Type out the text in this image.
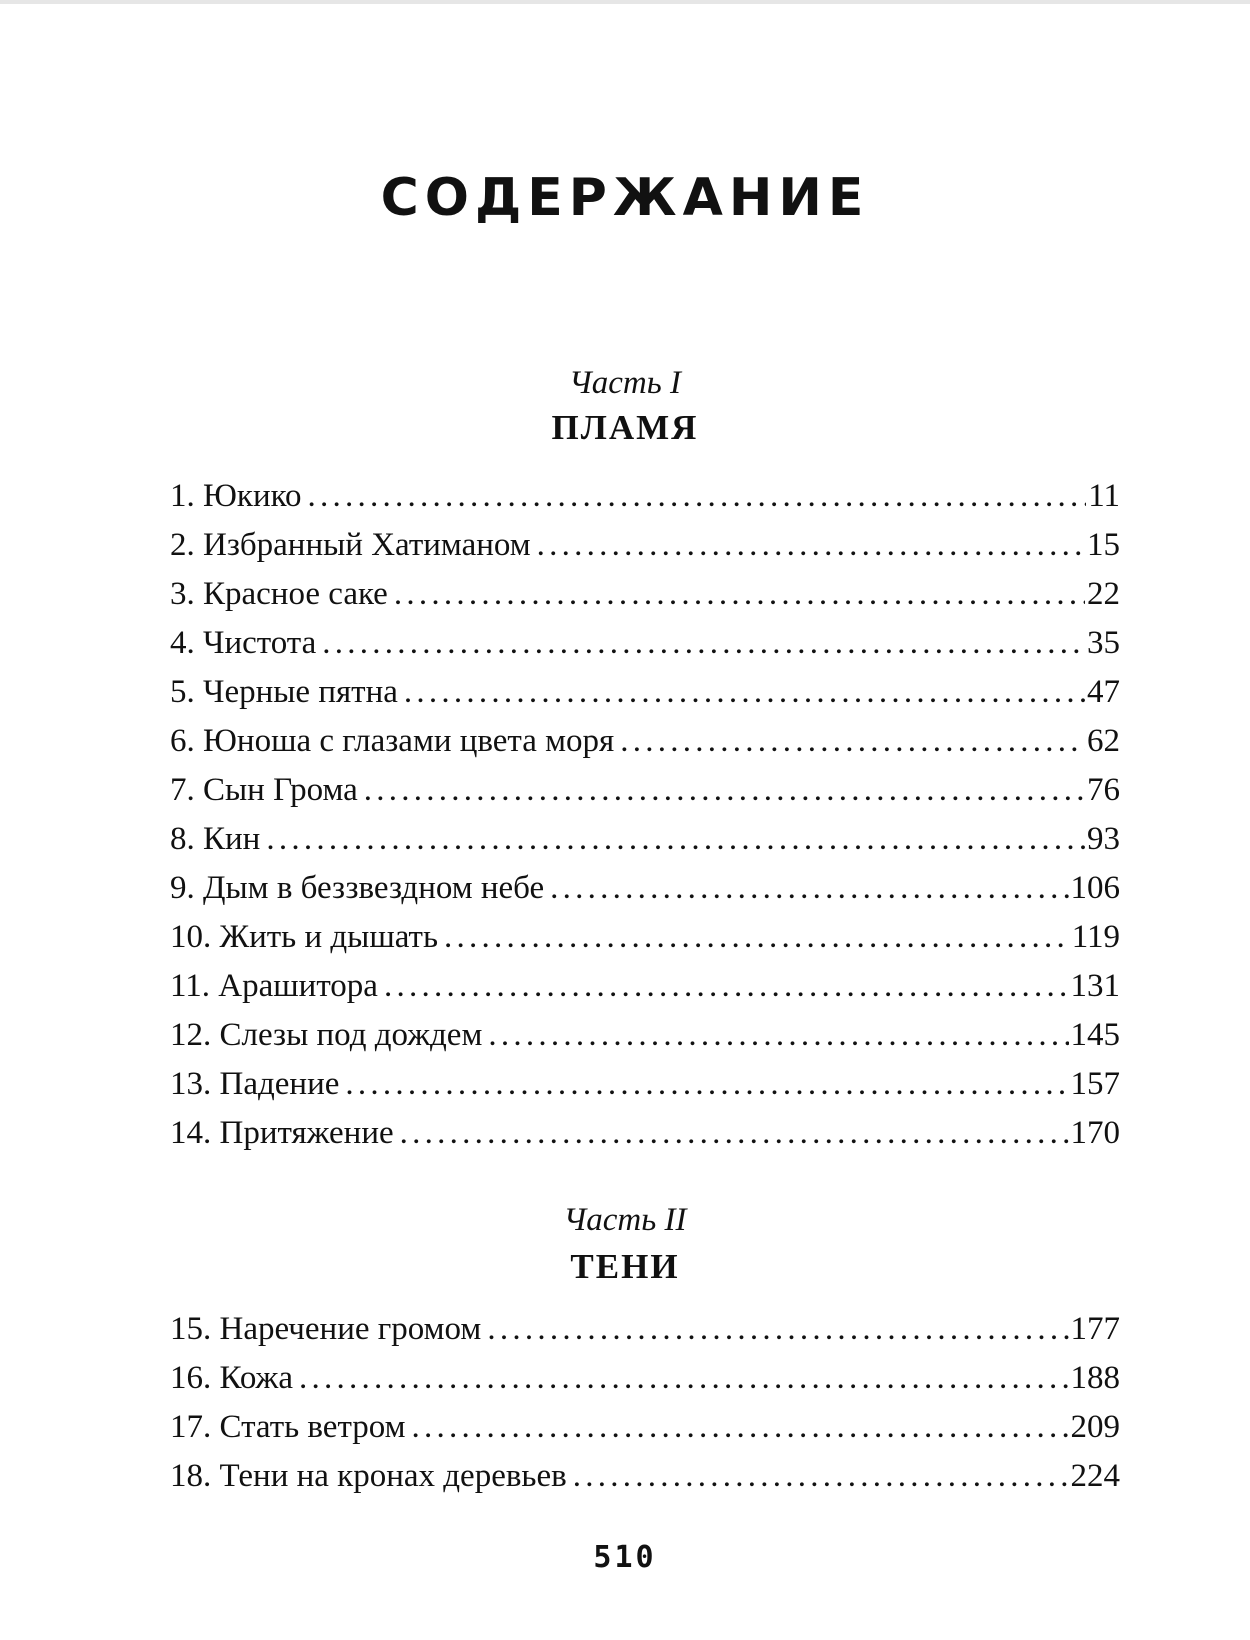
СОДЕРЖАНИЕ
Часть I
ПЛАМЯ
1. Юкико . . .	11
2. Избранный Хатиманом . . .	15
3. Красное саке . . .	22
4. Чистота . . .	35
5. Черные пятна . . .	47
6. Юноша с глазами цвета моря . . .	62
7. Сын Грома . . .	76
8. Кин . . .	93
9. Дым в беззвездном небе . . .	106
10. Жить и дышать . . .	119
11. Арашитора . . .	131
12. Слезы под дождем . . .	145
13. Падение . . .	157
14. Притяжение . . .	170
Часть II
ТЕНИ
15. Наречение громом . . .	177
16. Кожа . . .	188
17. Стать ветром . . .	209
18. Тени на кронах деревьев . . .	224
510
